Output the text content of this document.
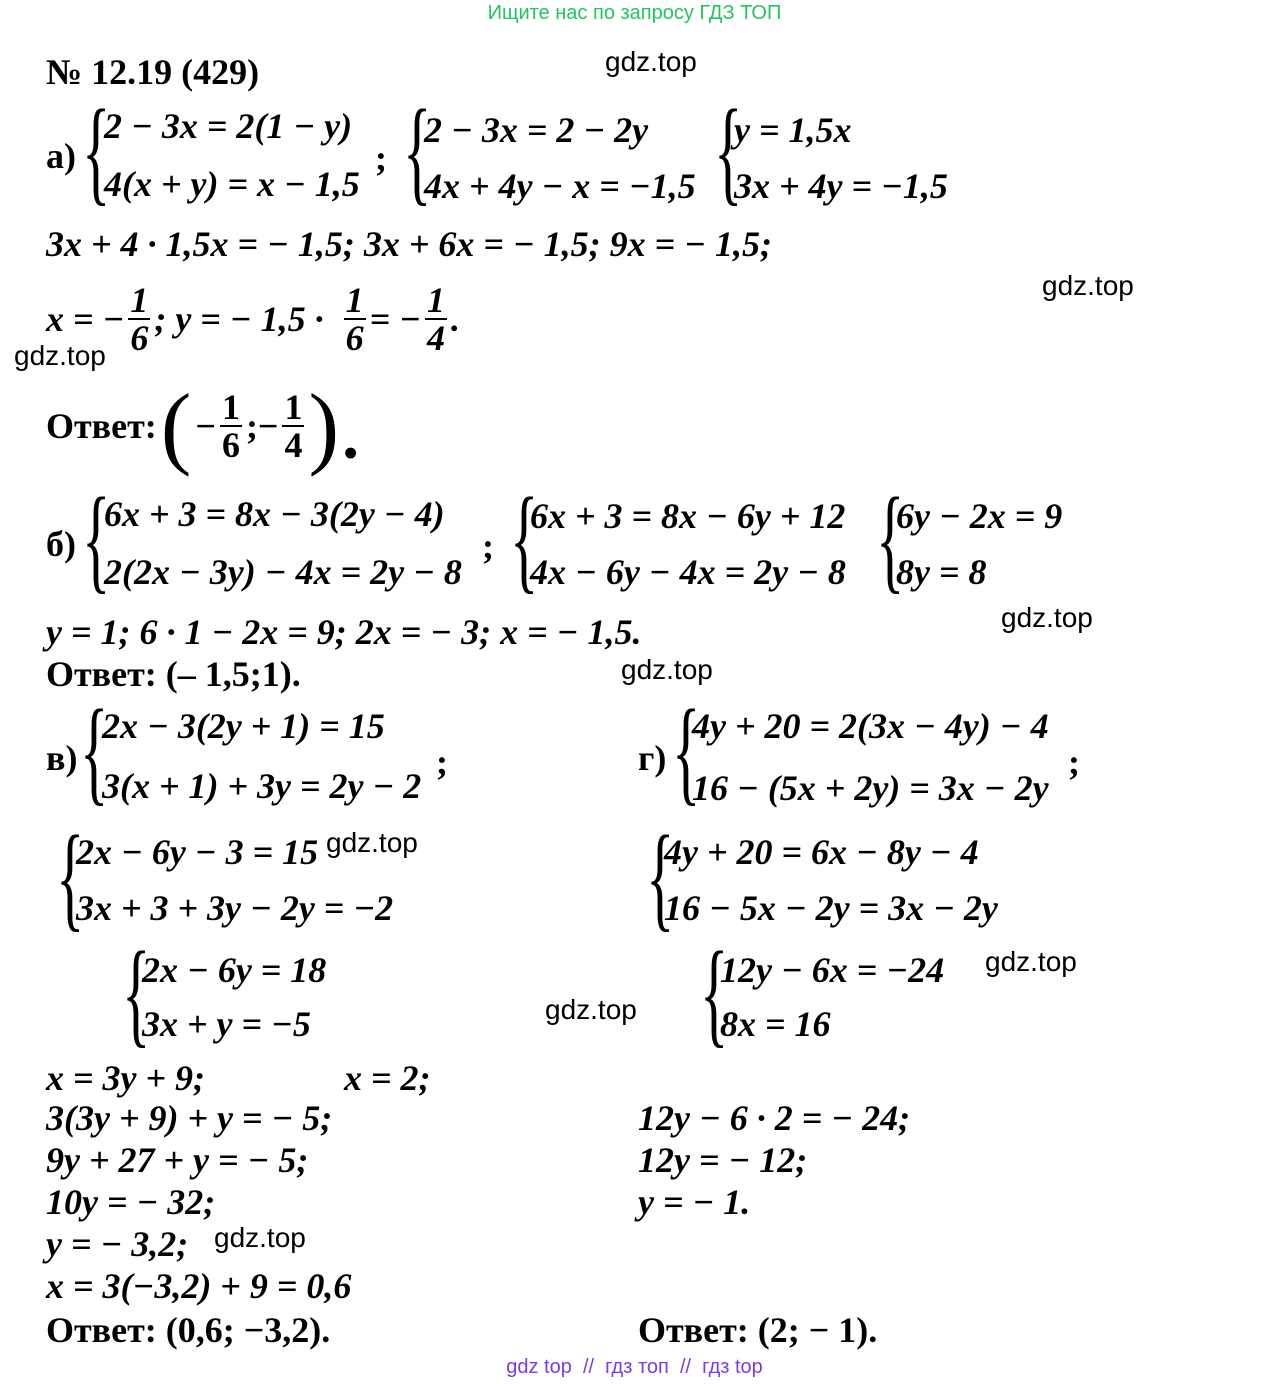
Ищите нас по запросу ГДЗ ТОП
№ 12.19 (429)	gdz.top
gdz.top
gdz.top
gdz.top
gdz.top
gdz.top
gdz.top
gdz.top
gdz.top
а) {
2 − 3x = 2(1 − y)
4(x + y) = x − 1,5
; {
2 − 3x = 2 − 2y
4x + 4y − x = −1,5 {
y = 1,5x
3x + 4y = −1,5
3x + 4 · 1,5x = − 1,5; 3x + 6x = − 1,5; 9x = − 1,5;
x = − $\frac{1}{6}$ ; y = − $1,5 \cdot \frac{1}{6}$ = − $\frac{1}{4}$ .
Ответ: ( − $\frac{1}{6}$ ;− $\frac{1}{4}$ ).
б) {
6x + 3 = 8x − 3(2y − 4)
2(2x − 3y) − 4x = 2y − 8
; {
6x + 3 = 8x − 6y + 12
4x − 6y − 4x = 2y − 8 {
6y − 2x = 9
8y = 8
y = 1; 6 · 1 − 2x = 9; 2x = − 3; x = − 1,5.
Ответ: (– 1,5;1).
в) {
2x − 3(2y + 1) = 15
3(x + 1) + 3y = 2y − 2
;
{
2x − 6y − 3 = 15
3x + 3 + 3y − 2y = −2
{
2x − 6y = 18
3x + y = −5
x = 3y + 9;
3(3y + 9) + y = − 5;
9y + 27 + y = − 5;
10y = − 32;
y = − 3,2;
x = 3(−3,2) + 9 = 0,6
Ответ: (0,6; −3,2).
г) {
4y + 20 = 2(3x − 4y) − 4
16 − (5x + 2y) = 3x − 2y
;
{
4y + 20 = 6x − 8y − 4
16 − 5x − 2y = 3x − 2y
{
12y − 6x = −24
8x = 16
x = 2;
12y − 6 · 2 = − 24;
12y = − 12;
y = − 1.
Ответ: (2; − 1).
gdz top  //  гдз топ  //  гдз top
